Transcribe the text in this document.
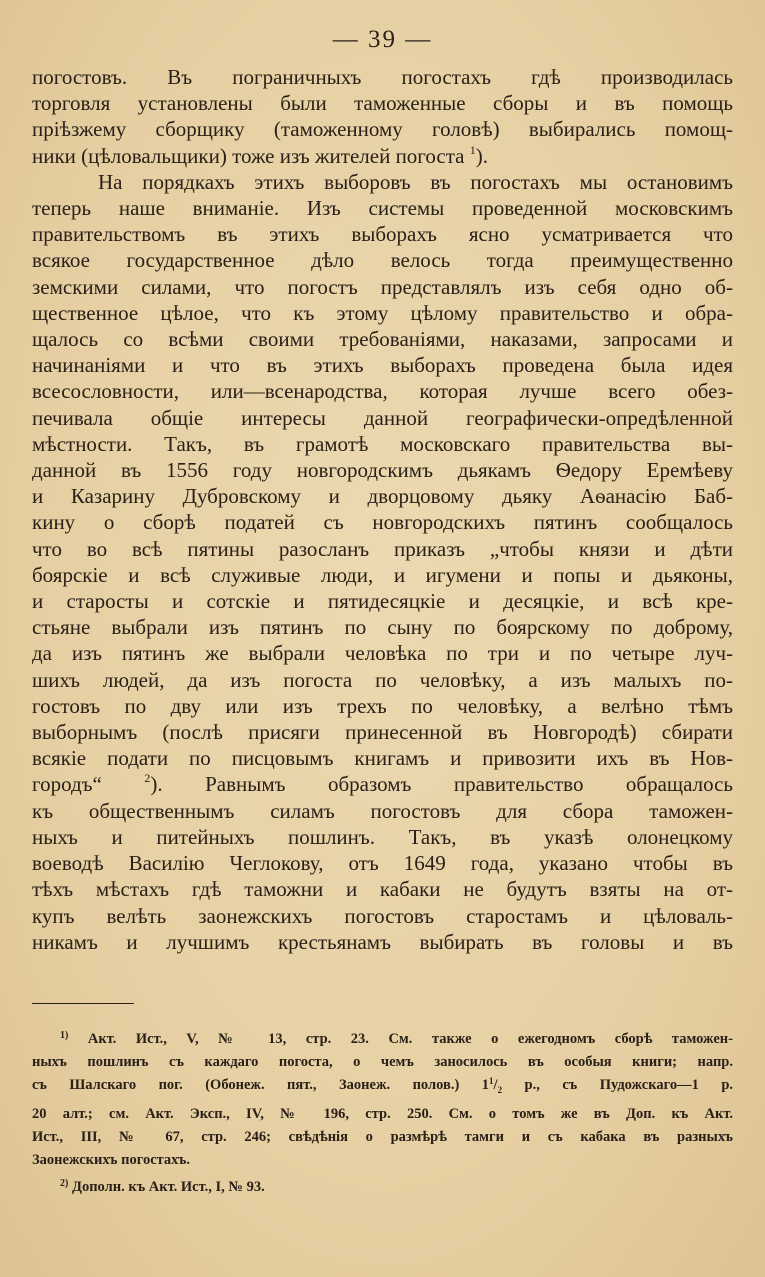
— 39 —
погостовъ. Въ пограничныхъ погостахъ гдѣ производилась
торговля установлены были таможенные сборы и въ помощь
пріѣзжему сборщику (таможенному головѣ) выбирались помощ-
ники (цѣловальщики) тоже изъ жителей погоста $^1$).
На порядкахъ этихъ выборовъ въ погостахъ мы остановимъ
теперь наше вниманіе. Изъ системы проведенной московскимъ
правительствомъ въ этихъ выборахъ ясно усматривается что
всякое государственное дѣло велось тогда преимущественно
земскими силами, что погостъ представлялъ изъ себя одно об-
щественное цѣлое, что къ этому цѣлому правительство и обра-
щалось со всѣми своими требованіями, наказами, запросами и
начинаніями и что въ этихъ выборахъ проведена была идея
всесословности, или—всенародства, которая лучше всего обез-
печивала общіе интересы данной географически-опредѣленной
мѣстности. Такъ, въ грамотѣ московскаго правительства вы-
данной въ 1556 году новгородскимъ дьякамъ Ѳедору Еремѣеву
и Казарину Дубровскому и дворцовому дьяку Аѳанасію Баб-
кину о сборѣ податей съ новгородскихъ пятинъ сообщалось
что во всѣ пятины разосланъ приказъ „чтобы князи и дѣти
боярскіе и всѣ служивые люди, и игумени и попы и дьяконы,
и старосты и сотскіе и пятидесяцкіе и десяцкіе, и всѣ кре-
стьяне выбрали изъ пятинъ по сыну по боярскому по доброму,
да изъ пятинъ же выбрали человѣка по три и по четыре луч-
шихъ людей, да изъ погоста по человѣку, а изъ малыхъ по-
гостовъ по дву или изъ трехъ по человѣку, а велѣно тѣмъ
выборнымъ (послѣ присяги принесенной въ Новгородѣ) сбирати
всякіе подати по писцовымъ книгамъ и привозити ихъ въ Нов-
городъ“	$^2$). Равнымъ образомъ правительство обращалось
къ общественнымъ силамъ погостовъ для сбора таможен-
ныхъ и питейныхъ пошлинъ. Такъ, въ указѣ олонецкому
воеводѣ Василію Чеглокову, отъ 1649 года, указано чтобы въ
тѣхъ мѣстахъ гдѣ таможни и кабаки не будутъ взяты на от-
купъ велѣть заонежскихъ погостовъ старостамъ и цѣловаль-
никамъ и лучшимъ крестьянамъ выбирать въ головы и въ
$^{1)}$ Акт. Ист., V, № 13, стр. 23. См. также о ежегодномъ сборѣ таможен-
ныхъ пошлинъ съ каждаго погоста, о чемъ заносилось въ особыя книги; напр.
съ Шалскаго пог. (Обонеж. пят., Заонеж. полов.) $1^1/_2$ р., съ Пудожскаго—1 р.
20 алт.; см. Акт. Эксп., IV, № 196, стр. 250. См. о томъ же въ Доп. къ Акт.
Ист., III, № 67, стр. 246; свѣдѣнія о размѣрѣ тамги и съ кабака въ разныхъ
Заонежскихъ погостахъ.
$^{2)}$ Дополн. къ Акт. Ист., I, № 93.
